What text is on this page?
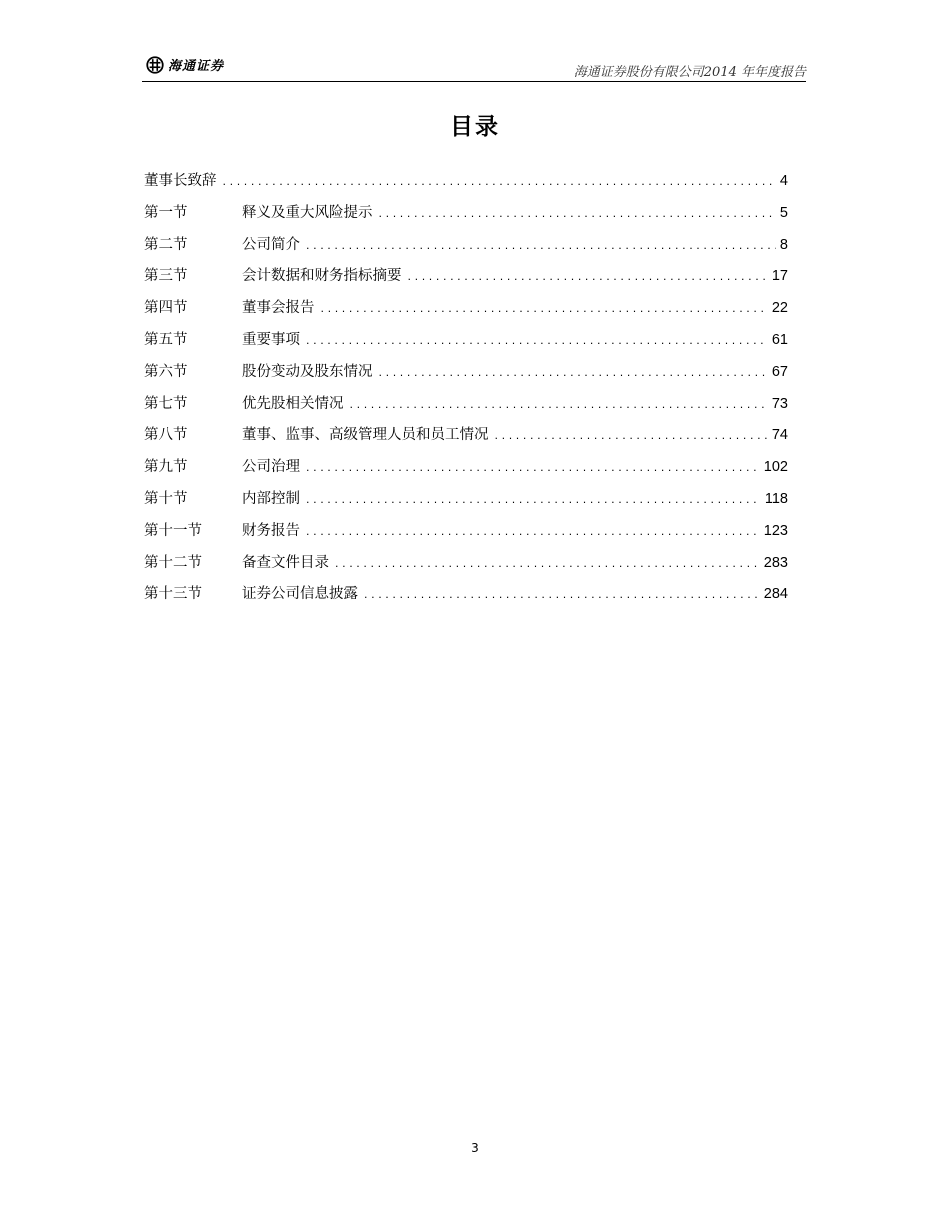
海通证券	海通证券股份有限公司2014 年年度报告
目录
董事长致辞 .....	4
第一节	释义及重大风险提示 .....	5
第二节	公司简介 .....	8
第三节	会计数据和财务指标摘要 .....	17
第四节	董事会报告 .....	22
第五节	重要事项 .....	61
第六节	股份变动及股东情况 .....	67
第七节	优先股相关情况 .....	73
第八节	董事、监事、高级管理人员和员工情况 .....	74
第九节	公司治理 .....	102
第十节	内部控制 .....	118
第十一节	财务报告 .....	123
第十二节	备查文件目录 .....	283
第十三节	证券公司信息披露 .....	284
3
